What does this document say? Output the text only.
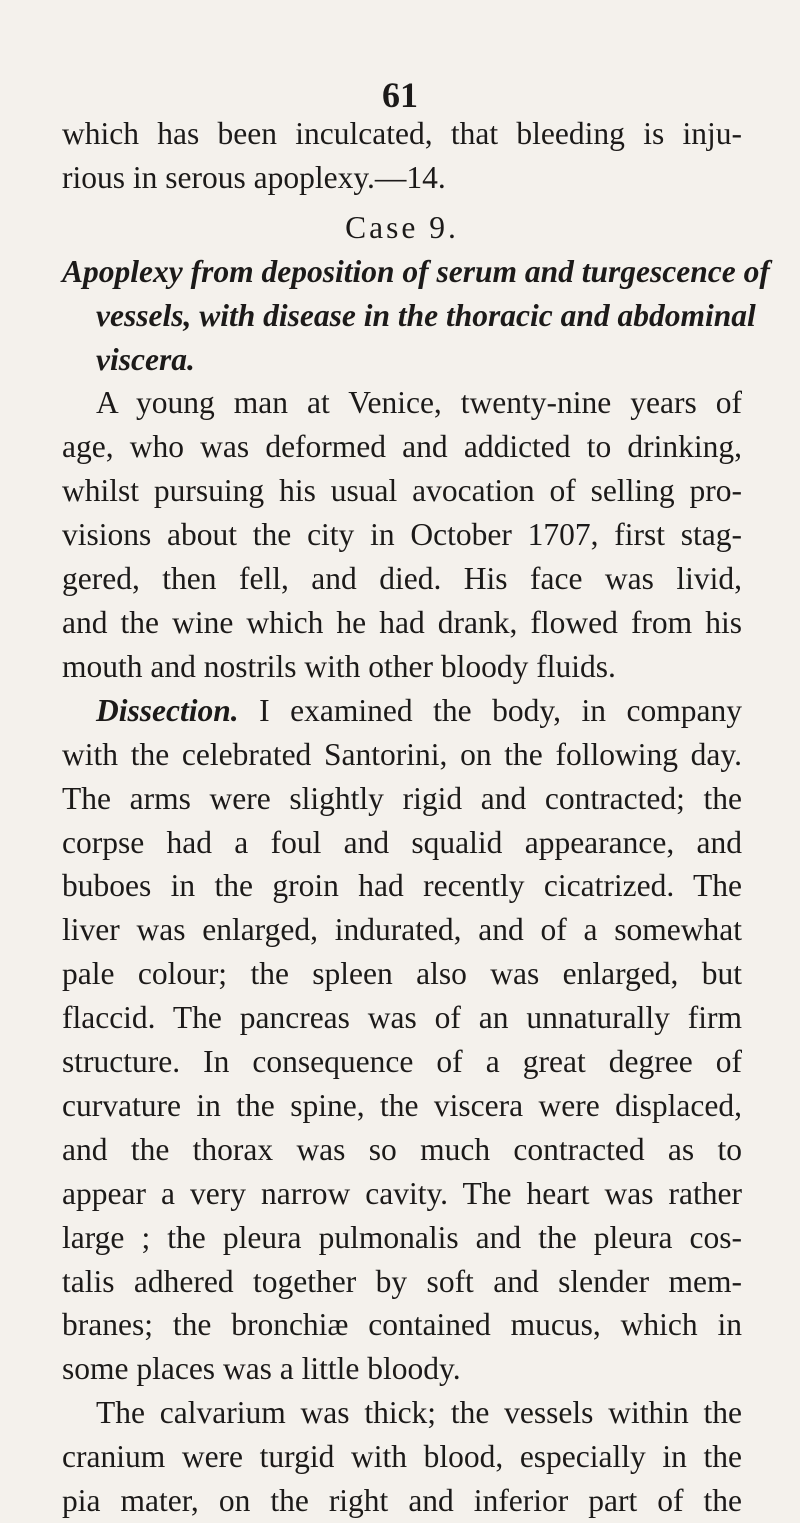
61
which has been inculcated, that bleeding is inju-
rious in serous apoplexy.—14.
Case 9.
Apoplexy from deposition of serum and turgescence of
vessels, with disease in the thoracic and abdominal
viscera.
A young man at Venice, twenty-nine years of
age, who was deformed and addicted to drinking,
whilst pursuing his usual avocation of selling pro-
visions about the city in October 1707, first stag-
gered, then fell, and died. His face was livid,
and the wine which he had drank, flowed from his
mouth and nostrils with other bloody fluids.
Dissection. I examined the body, in company
with the celebrated Santorini, on the following day.
The arms were slightly rigid and contracted; the
corpse had a foul and squalid appearance, and
buboes in the groin had recently cicatrized. The
liver was enlarged, indurated, and of a somewhat
pale colour; the spleen also was enlarged, but
flaccid. The pancreas was of an unnaturally firm
structure. In consequence of a great degree of
curvature in the spine, the viscera were displaced,
and the thorax was so much contracted as to
appear a very narrow cavity. The heart was rather
large ; the pleura pulmonalis and the pleura cos-
talis adhered together by soft and slender mem-
branes; the bronchiæ contained mucus, which in
some places was a little bloody.
The calvarium was thick; the vessels within the
cranium were turgid with blood, especially in the
pia mater, on the right and inferior part of the
